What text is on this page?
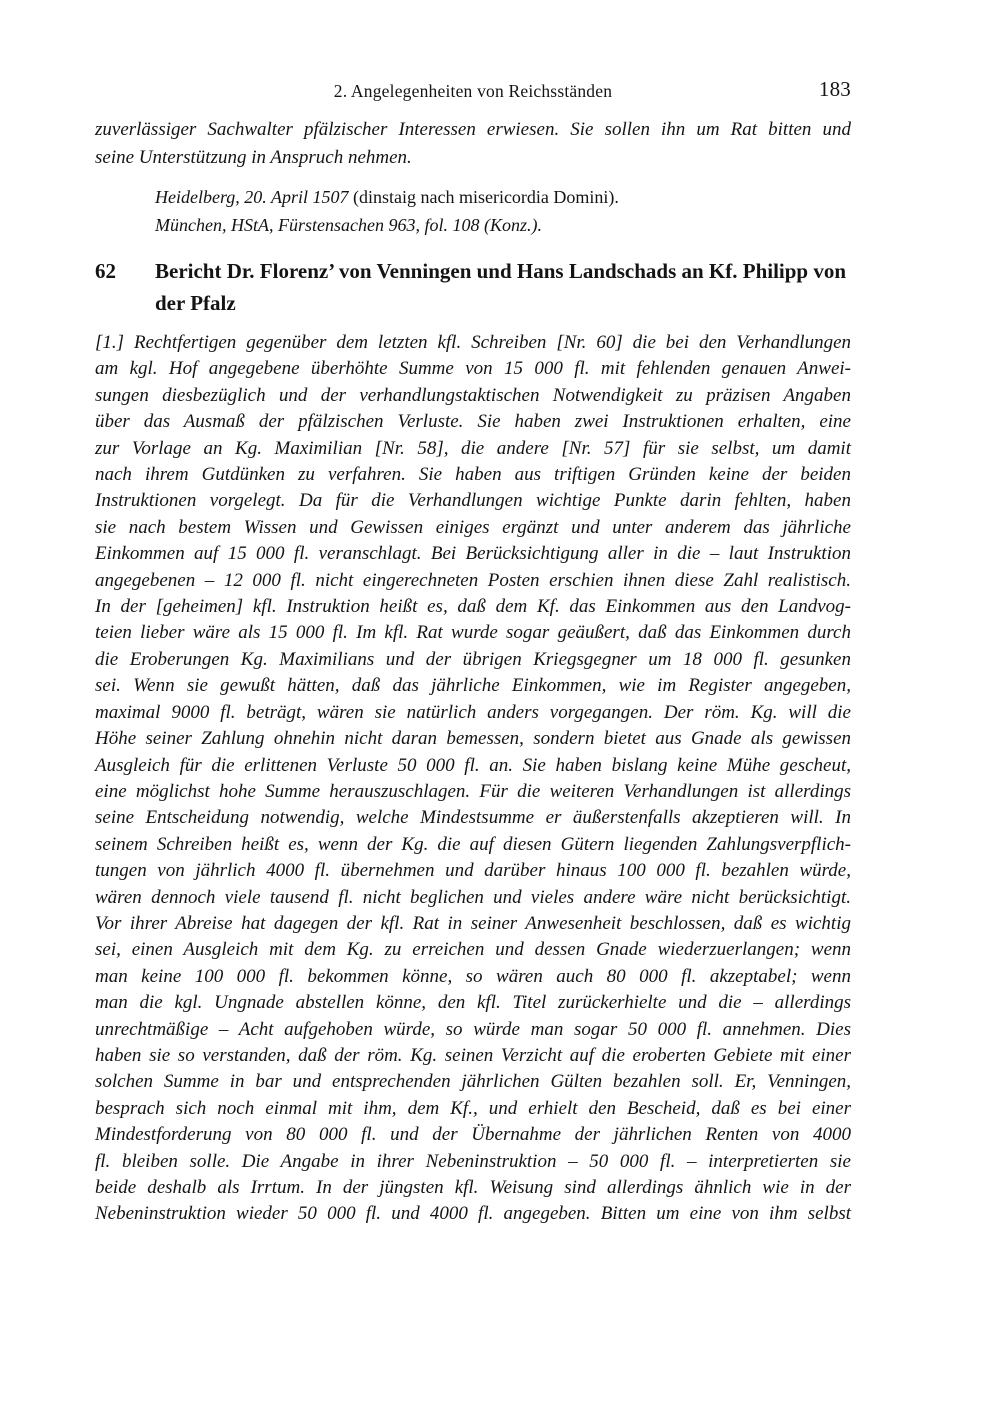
2. Angelegenheiten von Reichsständen	183
zuverlässiger Sachwalter pfälzischer Interessen erwiesen. Sie sollen ihn um Rat bitten und
seine Unterstützung in Anspruch nehmen.
Heidelberg, 20. April 1507 (dinstaig nach misericordia Domini).
München, HStA, Fürstensachen 963, fol. 108 (Konz.).
62	Bericht Dr. Florenz’ von Venningen und Hans Landschads an Kf. Philipp von der Pfalz
[1.] Rechtfertigen gegenüber dem letzten kfl. Schreiben [Nr. 60] die bei den Verhandlungen
am kgl. Hof angegebene überhöhte Summe von 15 000 fl. mit fehlenden genauen Anwei-
sungen diesbezüglich und der verhandlungstaktischen Notwendigkeit zu präzisen Angaben
über das Ausmaß der pfälzischen Verluste. Sie haben zwei Instruktionen erhalten, eine
zur Vorlage an Kg. Maximilian [Nr. 58], die andere [Nr. 57] für sie selbst, um damit
nach ihrem Gutdünken zu verfahren. Sie haben aus triftigen Gründen keine der beiden
Instruktionen vorgelegt. Da für die Verhandlungen wichtige Punkte darin fehlten, haben
sie nach bestem Wissen und Gewissen einiges ergänzt und unter anderem das jährliche
Einkommen auf 15 000 fl. veranschlagt. Bei Berücksichtigung aller in die – laut Instruktion
angegebenen – 12 000 fl. nicht eingerechneten Posten erschien ihnen diese Zahl realistisch.
In der [geheimen] kfl. Instruktion heißt es, daß dem Kf. das Einkommen aus den Landvog-
teien lieber wäre als 15 000 fl. Im kfl. Rat wurde sogar geäußert, daß das Einkommen durch
die Eroberungen Kg. Maximilians und der übrigen Kriegsgegner um 18 000 fl. gesunken
sei. Wenn sie gewußt hätten, daß das jährliche Einkommen, wie im Register angegeben,
maximal 9000 fl. beträgt, wären sie natürlich anders vorgegangen. Der röm. Kg. will die
Höhe seiner Zahlung ohnehin nicht daran bemessen, sondern bietet aus Gnade als gewissen
Ausgleich für die erlittenen Verluste 50 000 fl. an. Sie haben bislang keine Mühe gescheut,
eine möglichst hohe Summe herauszuschlagen. Für die weiteren Verhandlungen ist allerdings
seine Entscheidung notwendig, welche Mindestsumme er äußerstenfalls akzeptieren will. In
seinem Schreiben heißt es, wenn der Kg. die auf diesen Gütern liegenden Zahlungsverpflich-
tungen von jährlich 4000 fl. übernehmen und darüber hinaus 100 000 fl. bezahlen würde,
wären dennoch viele tausend fl. nicht beglichen und vieles andere wäre nicht berücksichtigt.
Vor ihrer Abreise hat dagegen der kfl. Rat in seiner Anwesenheit beschlossen, daß es wichtig
sei, einen Ausgleich mit dem Kg. zu erreichen und dessen Gnade wiederzuerlangen; wenn
man keine 100 000 fl. bekommen könne, so wären auch 80 000 fl. akzeptabel; wenn
man die kgl. Ungnade abstellen könne, den kfl. Titel zurückerhielte und die – allerdings
unrechtmäßige – Acht aufgehoben würde, so würde man sogar 50 000 fl. annehmen. Dies
haben sie so verstanden, daß der röm. Kg. seinen Verzicht auf die eroberten Gebiete mit einer
solchen Summe in bar und entsprechenden jährlichen Gülten bezahlen soll. Er, Venningen,
besprach sich noch einmal mit ihm, dem Kf., und erhielt den Bescheid, daß es bei einer
Mindestforderung von 80 000 fl. und der Übernahme der jährlichen Renten von 4000
fl. bleiben solle. Die Angabe in ihrer Nebeninstruktion – 50 000 fl. – interpretierten sie
beide deshalb als Irrtum. In der jüngsten kfl. Weisung sind allerdings ähnlich wie in der
Nebeninstruktion wieder 50 000 fl. und 4000 fl. angegeben. Bitten um eine von ihm selbst
